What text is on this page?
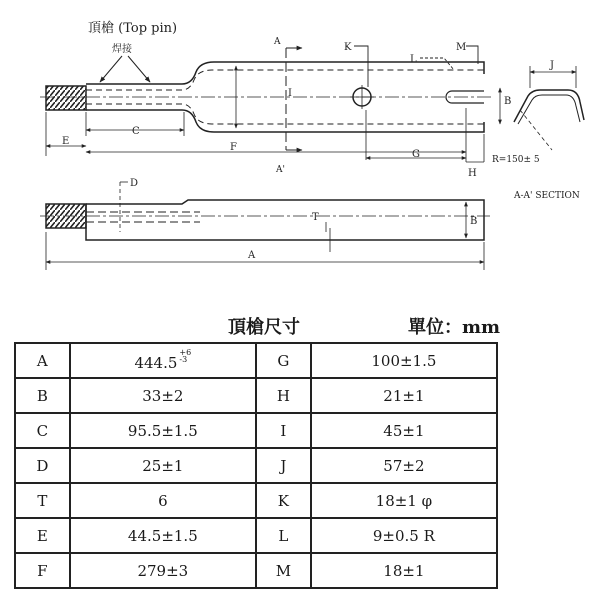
頂槍 (Top pin)
焊接
A
A'
K
L
M
I
C
E
F
G
H
J
B
R=150± 5
A-A' SECTION
D
T	B
A
頂槍尺寸	單位：mm
A	$444.5^{+6 -3}$	G	100±1.5
B	33±2	H	21±1
C	95.5±1.5	I	45±1
D	25±1	J	57±2
T	6	K	18±1 φ
E	44.5±1.5	L	9±0.5 R
F	279±3	M	18±1
